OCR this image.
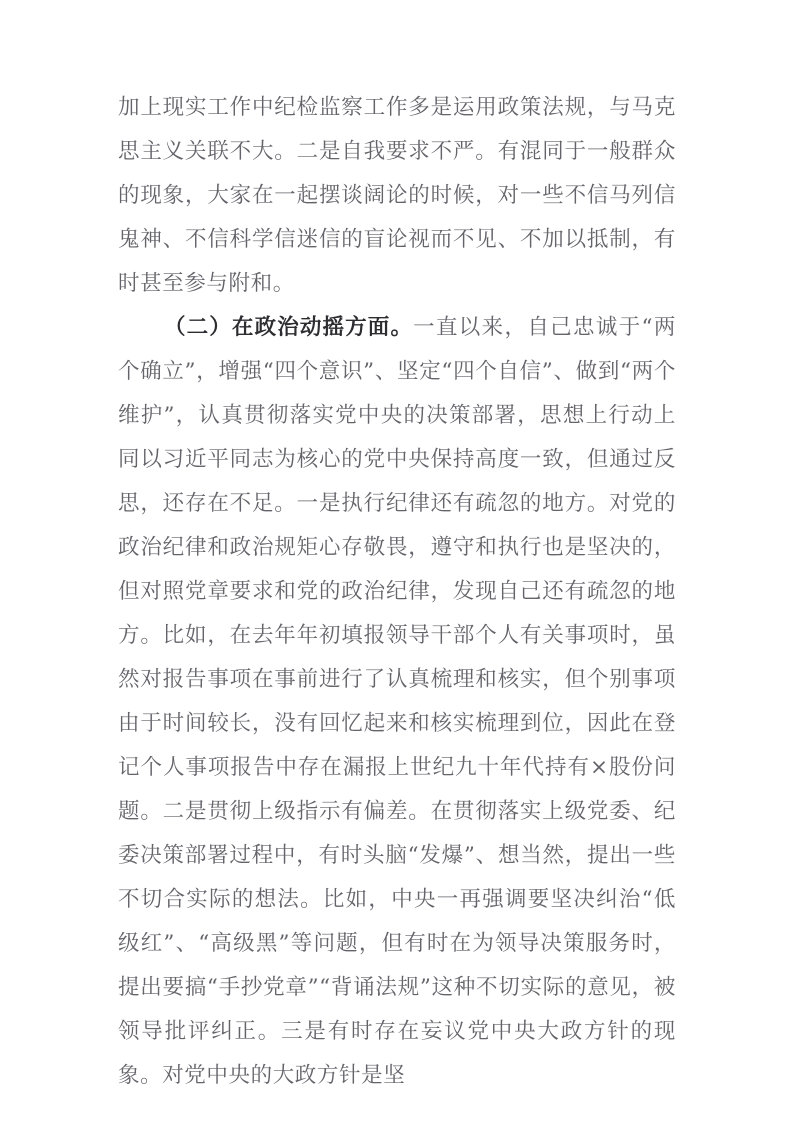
加上现实工作中纪检监察工作多是运用政策法规，与马克思主义关联不大。二是自我要求不严。有混同于一般群众的现象，大家在一起摆谈阔论的时候，对一些不信马列信鬼神、不信科学信迷信的盲论视而不见、不加以抵制，有时甚至参与附和。

（二）在政治动摇方面。一直以来，自己忠诚于“两个确立”，增强“四个意识”、坚定“四个自信”、做到“两个维护”，认真贯彻落实党中央的决策部署，思想上行动上同以习近平同志为核心的党中央保持高度一致，但通过反思，还存在不足。一是执行纪律还有疏忽的地方。对党的政治纪律和政治规矩心存敬畏，遵守和执行也是坚决的，但对照党章要求和党的政治纪律，发现自己还有疏忽的地方。比如，在去年年初填报领导干部个人有关事项时，虽然对报告事项在事前进行了认真梳理和核实，但个别事项由于时间较长，没有回忆起来和核实梳理到位，因此在登记个人事项报告中存在漏报上世纪九十年代持有×股份问题。二是贯彻上级指示有偏差。在贯彻落实上级党委、纪委决策部署过程中，有时头脑“发爆”、想当然，提出一些不切合实际的想法。比如，中央一再强调要坚决纠治“低级红”、“高级黑”等问题，但有时在为领导决策服务时，提出要搞“手抄党章”“背诵法规”这种不切实际的意见，被领导批评纠正。三是有时存在妄议党中央大政方针的现象。对党中央的大政方针是坚
